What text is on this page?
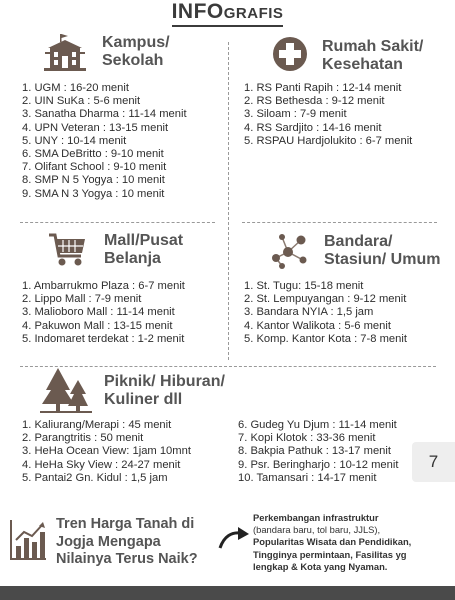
INFOGRAFIS
Kampus/
Sekolah
1. UGM : 16-20 menit
2. UIN SuKa : 5-6 menit
3. Sanatha Dharma : 11-14 menit
4. UPN Veteran : 13-15 menit
5. UNY : 10-14 menit
6. SMA DeBritto : 9-10 menit
7. Olifant School : 9-10 menit
8. SMP N 5 Yogya : 10 menit
9. SMA N 3 Yogya : 10 menit
Rumah Sakit/
Kesehatan
1. RS Panti Rapih : 12-14 menit
2. RS Bethesda : 9-12 menit
3. Siloam : 7-9 menit
4. RS Sardjito : 14-16 menit
5. RSPAU Hardjolukito : 6-7 menit
Mall/Pusat
Belanja
1. Ambarrukmo Plaza : 6-7 menit
2. Lippo Mall : 7-9 menit
3. Malioboro Mall : 11-14 menit
4. Pakuwon Mall : 13-15 menit
5. Indomaret terdekat : 1-2 menit
Bandara/
Stasiun/ Umum
1. St. Tugu: 15-18 menit
2. St. Lempuyangan : 9-12 menit
3. Bandara NYIA : 1,5 jam
4. Kantor Walikota : 5-6 menit
5. Komp. Kantor Kota : 7-8 menit
Piknik/ Hiburan/
Kuliner dll
1. Kaliurang/Merapi : 45 menit
2. Parangtritis : 50 menit
3. HeHa Ocean View: 1jam 10mnt
4. HeHa Sky View : 24-27 menit
5. Pantai2 Gn. Kidul : 1,5 jam
6. Gudeg Yu Djum : 11-14 menit
7. Kopi Klotok : 33-36 menit
8. Bakpia Pathuk : 13-17 menit
9. Psr. Beringharjo : 10-12 menit
10. Tamansari : 14-17 menit
7
Tren Harga Tanah di
Jogja Mengapa
Nilainya Terus Naik?
Perkembangan infrastruktur
(bandara baru, tol baru, JJLS),
Popularitas Wisata dan Pendidikan,
Tingginya permintaan, Fasilitas yg
lengkap & Kota yang Nyaman.
